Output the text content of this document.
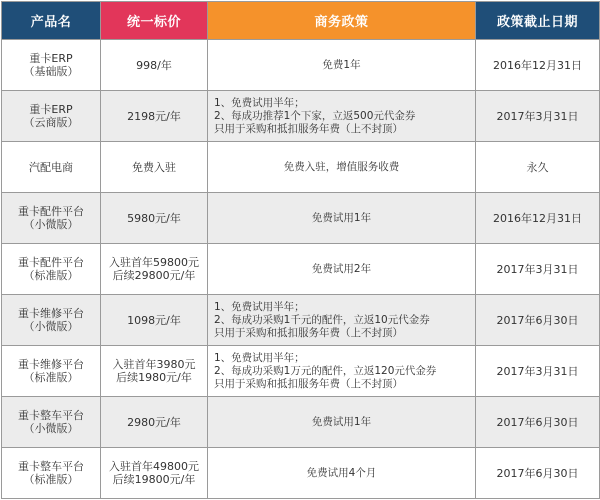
产品名	统一标价	商务政策	政策截止日期

重卡ERP
（基础版）	998/年	免费1年	2016年12月31日

重卡ERP
（云商版）	2198元/年	1、免费试用半年；
2、每成功推荐1个下家，立返500元代金券
只用于采购和抵扣服务年费（上不封顶）	2017年3月31日

汽配电商	免费入驻	免费入驻，增值服务收费	永久

重卡配件平台
（小微版）	5980元/年	免费试用1年	2016年12月31日

重卡配件平台
（标准版）	入驻首年59800元
后续29800元/年	免费试用2年	2017年3月31日

重卡维修平台
（小微版）	1098元/年	1、免费试用半年；
2、每成功采购1千元的配件，立返10元代金券
只用于采购和抵扣服务年费（上不封顶）	2017年6月30日

重卡维修平台
（标准版）	入驻首年3980元
后续1980元/年	1、免费试用半年；
2、每成功采购1万元的配件，立返120元代金券
只用于采购和抵扣服务年费（上不封顶）	2017年3月31日

重卡整车平台
（小微版）	2980元/年	免费试用1年	2017年6月30日

重卡整车平台
（标准版）	入驻首年49800元
后续19800元/年	免费试用4个月	2017年6月30日
